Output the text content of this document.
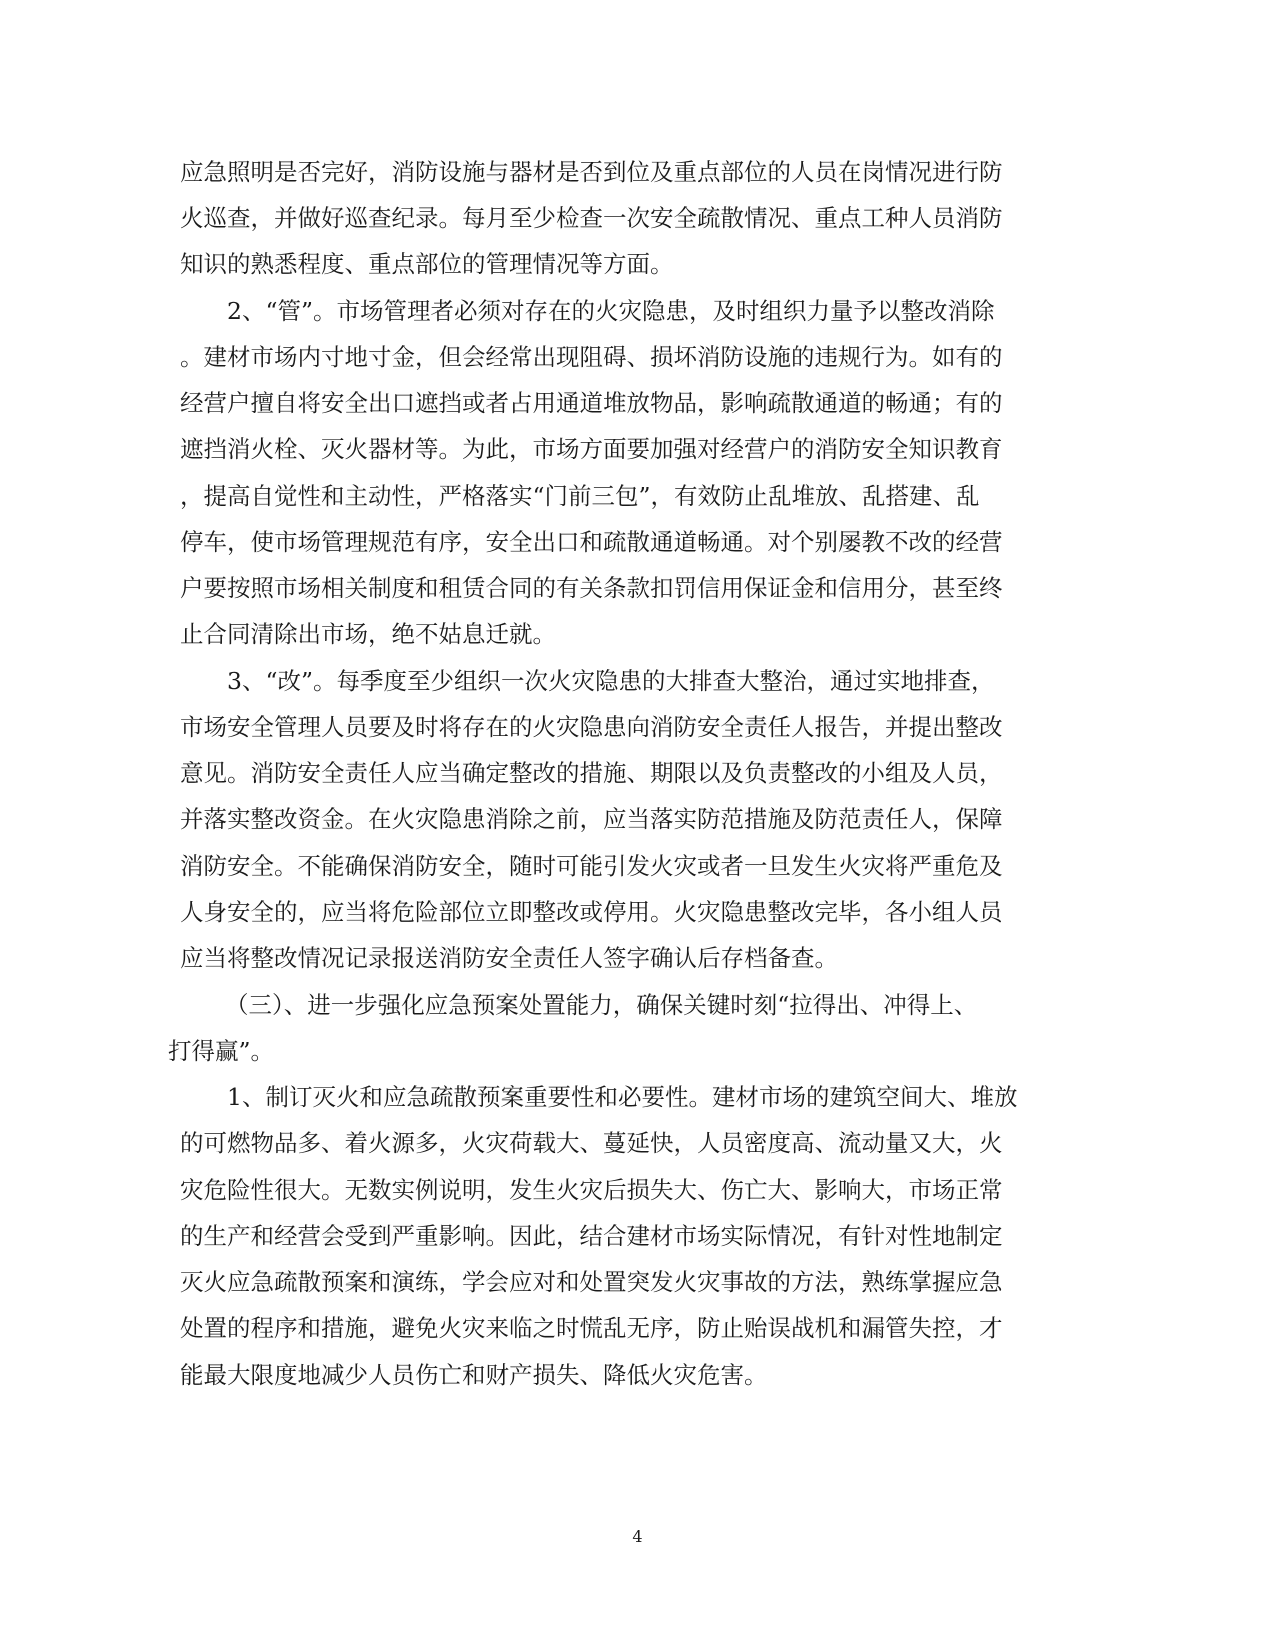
应急照明是否完好，消防设施与器材是否到位及重点部位的人员在岗情况进行防

火巡查，并做好巡查纪录。每月至少检查一次安全疏散情况、重点工种人员消防

知识的熟悉程度、重点部位的管理情况等方面。

2、“管”。市场管理者必须对存在的火灾隐患，及时组织力量予以整改消除

。建材市场内寸地寸金，但会经常出现阻碍、损坏消防设施的违规行为。如有的

经营户擅自将安全出口遮挡或者占用通道堆放物品，影响疏散通道的畅通；有的

遮挡消火栓、灭火器材等。为此，市场方面要加强对经营户的消防安全知识教育

，提高自觉性和主动性，严格落实“门前三包”，有效防止乱堆放、乱搭建、乱

停车，使市场管理规范有序，安全出口和疏散通道畅通。对个别屡教不改的经营

户要按照市场相关制度和租赁合同的有关条款扣罚信用保证金和信用分，甚至终

止合同清除出市场，绝不姑息迁就。

3、“改”。每季度至少组织一次火灾隐患的大排查大整治，通过实地排查，

市场安全管理人员要及时将存在的火灾隐患向消防安全责任人报告，并提出整改

意见。消防安全责任人应当确定整改的措施、期限以及负责整改的小组及人员，

并落实整改资金。在火灾隐患消除之前，应当落实防范措施及防范责任人，保障

消防安全。不能确保消防安全，随时可能引发火灾或者一旦发生火灾将严重危及

人身安全的，应当将危险部位立即整改或停用。火灾隐患整改完毕，各小组人员

应当将整改情况记录报送消防安全责任人签字确认后存档备查。

（三）、进一步强化应急预案处置能力，确保关键时刻“拉得出、冲得上、

打得赢”。

1、制订灭火和应急疏散预案重要性和必要性。建材市场的建筑空间大、堆放

的可燃物品多、着火源多，火灾荷载大、蔓延快，人员密度高、流动量又大，火

灾危险性很大。无数实例说明，发生火灾后损失大、伤亡大、影响大，市场正常

的生产和经营会受到严重影响。因此，结合建材市场实际情况，有针对性地制定

灭火应急疏散预案和演练，学会应对和处置突发火灾事故的方法，熟练掌握应急

处置的程序和措施，避免火灾来临之时慌乱无序，防止贻误战机和漏管失控，才

能最大限度地减少人员伤亡和财产损失、降低火灾危害。

4
